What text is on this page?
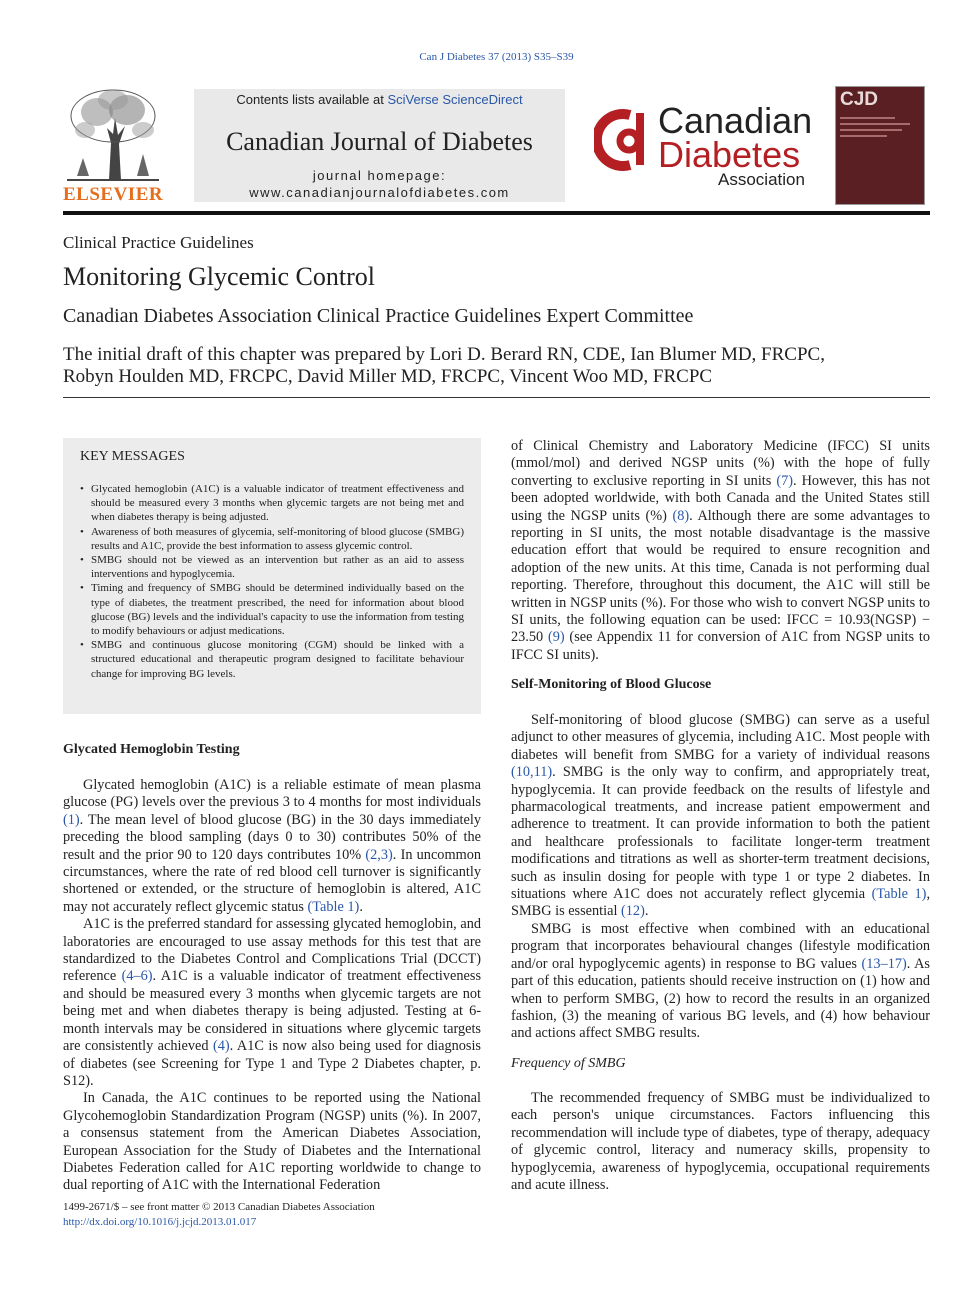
Can J Diabetes 37 (2013) S35–S39
ELSEVIER
Contents lists available at SciVerse ScienceDirect
Canadian Journal of Diabetes
journal homepage:
www.canadianjournalofdiabetes.com
Canadian
Diabetes
Association
CJD
Clinical Practice Guidelines
Monitoring Glycemic Control
Canadian Diabetes Association Clinical Practice Guidelines Expert Committee
The initial draft of this chapter was prepared by Lori D. Berard RN, CDE, Ian Blumer MD, FRCPC,
Robyn Houlden MD, FRCPC, David Miller MD, FRCPC, Vincent Woo MD, FRCPC
KEY MESSAGES
• Glycated hemoglobin (A1C) is a valuable indicator of treatment effectiveness and should be measured every 3 months when glycemic targets are not being met and when diabetes therapy is being adjusted.
• Awareness of both measures of glycemia, self-monitoring of blood glucose (SMBG) results and A1C, provide the best information to assess glycemic control.
• SMBG should not be viewed as an intervention but rather as an aid to assess interventions and hypoglycemia.
• Timing and frequency of SMBG should be determined individually based on the type of diabetes, the treatment prescribed, the need for information about blood glucose (BG) levels and the individual's capacity to use the information from testing to modify behaviours or adjust medications.
• SMBG and continuous glucose monitoring (CGM) should be linked with a structured educational and therapeutic program designed to facilitate behaviour change for improving BG levels.
Glycated Hemoglobin Testing

Glycated hemoglobin (A1C) is a reliable estimate of mean plasma glucose (PG) levels over the previous 3 to 4 months for most individuals (1). The mean level of blood glucose (BG) in the 30 days immediately preceding the blood sampling (days 0 to 30) contributes 50% of the result and the prior 90 to 120 days contributes 10% (2,3). In uncommon circumstances, where the rate of red blood cell turnover is significantly shortened or extended, or the structure of hemoglobin is altered, A1C may not accurately reflect glycemic status (Table 1).

A1C is the preferred standard for assessing glycated hemoglobin, and laboratories are encouraged to use assay methods for this test that are standardized to the Diabetes Control and Complications Trial (DCCT) reference (4–6). A1C is a valuable indicator of treatment effectiveness and should be measured every 3 months when glycemic targets are not being met and when diabetes therapy is being adjusted. Testing at 6-month intervals may be considered in situations where glycemic targets are consistently achieved (4). A1C is now also being used for diagnosis of diabetes (see Screening for Type 1 and Type 2 Diabetes chapter, p. S12).

In Canada, the A1C continues to be reported using the National Glycohemoglobin Standardization Program (NGSP) units (%). In 2007, a consensus statement from the American Diabetes Association, European Association for the Study of Diabetes and the International Diabetes Federation called for A1C reporting worldwide to change to dual reporting of A1C with the International Federation

of Clinical Chemistry and Laboratory Medicine (IFCC) SI units (mmol/mol) and derived NGSP units (%) with the hope of fully converting to exclusive reporting in SI units (7). However, this has not been adopted worldwide, with both Canada and the United States still using the NGSP units (%) (8). Although there are some advantages to reporting in SI units, the most notable disadvantage is the massive education effort that would be required to ensure recognition and adoption of the new units. At this time, Canada is not performing dual reporting. Therefore, throughout this document, the A1C will still be written in NGSP units (%). For those who wish to convert NGSP units to SI units, the following equation can be used: IFCC = 10.93(NGSP) − 23.50 (9) (see Appendix 11 for conversion of A1C from NGSP units to IFCC SI units).

Self-Monitoring of Blood Glucose

Self-monitoring of blood glucose (SMBG) can serve as a useful adjunct to other measures of glycemia, including A1C. Most people with diabetes will benefit from SMBG for a variety of individual reasons (10,11). SMBG is the only way to confirm, and appropriately treat, hypoglycemia. It can provide feedback on the results of lifestyle and pharmacological treatments, and increase patient empowerment and adherence to treatment. It can provide information to both the patient and healthcare professionals to facilitate longer-term treatment modifications and titrations as well as shorter-term treatment decisions, such as insulin dosing for people with type 1 or type 2 diabetes. In situations where A1C does not accurately reflect glycemia (Table 1), SMBG is essential (12).

SMBG is most effective when combined with an educational program that incorporates behavioural changes (lifestyle modification and/or oral hypoglycemic agents) in response to BG values (13–17). As part of this education, patients should receive instruction on (1) how and when to perform SMBG, (2) how to record the results in an organized fashion, (3) the meaning of various BG levels, and (4) how behaviour and actions affect SMBG results.

Frequency of SMBG

The recommended frequency of SMBG must be individualized to each person's unique circumstances. Factors influencing this recommendation will include type of diabetes, type of therapy, adequacy of glycemic control, literacy and numeracy skills, propensity to hypoglycemia, awareness of hypoglycemia, occupational requirements and acute illness.

1499-2671/$ – see front matter © 2013 Canadian Diabetes Association
http://dx.doi.org/10.1016/j.jcjd.2013.01.017
